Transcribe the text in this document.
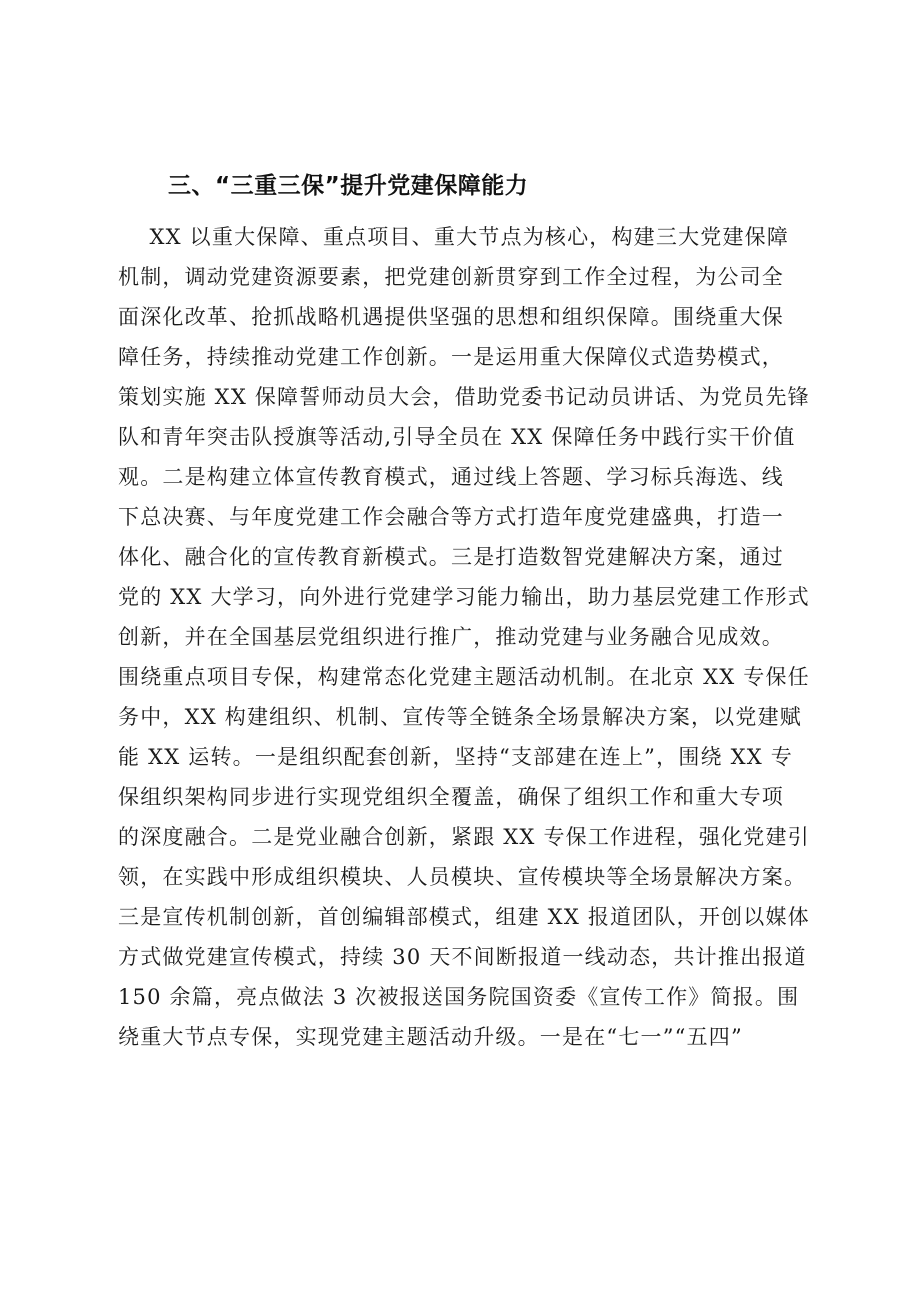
三、“三重三保”提升党建保障能力
XX 以重大保障、重点项目、重大节点为核心，构建三大党建保障
机制，调动党建资源要素，把党建创新贯穿到工作全过程，为公司全
面深化改革、抢抓战略机遇提供坚强的思想和组织保障。围绕重大保
障任务，持续推动党建工作创新。一是运用重大保障仪式造势模式，
策划实施 XX 保障誓师动员大会，借助党委书记动员讲话、为党员先锋
队和青年突击队授旗等活动,引导全员在 XX 保障任务中践行实干价值
观。二是构建立体宣传教育模式，通过线上答题、学习标兵海选、线
下总决赛、与年度党建工作会融合等方式打造年度党建盛典，打造一
体化、融合化的宣传教育新模式。三是打造数智党建解决方案，通过
党的 XX 大学习，向外进行党建学习能力输出，助力基层党建工作形式
创新，并在全国基层党组织进行推广，推动党建与业务融合见成效。
围绕重点项目专保，构建常态化党建主题活动机制。在北京 XX 专保任
务中，XX 构建组织、机制、宣传等全链条全场景解决方案，以党建赋
能 XX 运转。一是组织配套创新，坚持“支部建在连上”，围绕 XX 专
保组织架构同步进行实现党组织全覆盖，确保了组织工作和重大专项
的深度融合。二是党业融合创新，紧跟 XX 专保工作进程，强化党建引
领，在实践中形成组织模块、人员模块、宣传模块等全场景解决方案。
三是宣传机制创新，首创编辑部模式，组建 XX 报道团队，开创以媒体
方式做党建宣传模式，持续 30 天不间断报道一线动态，共计推出报道
150 余篇，亮点做法 3 次被报送国务院国资委《宣传工作》简报。围
绕重大节点专保，实现党建主题活动升级。一是在“七一”“五四”
